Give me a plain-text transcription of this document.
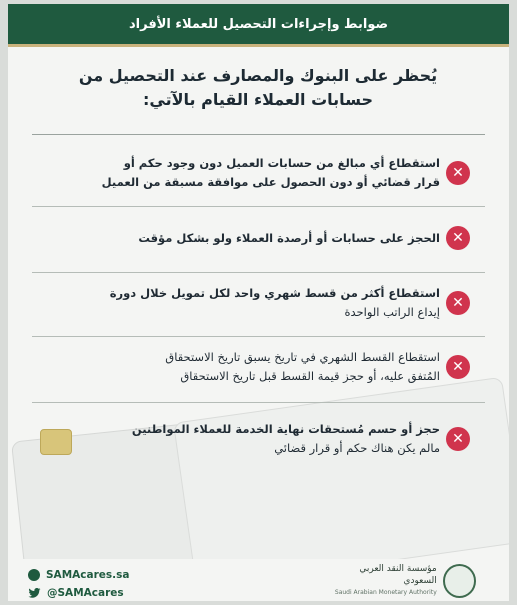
ضوابط وإجراءات التحصيل للعملاء الأفراد
يُحظر على البنوك والمصارف عند التحصيل من
حسابات العملاء القيام بالآتي:
✕
استقطاع أي مبالغ من حسابات العميل دون وجود حكم أو
قرار قضائي أو دون الحصول على موافقة مسبقة من العميل
✕
الحجز على حسابات أو أرصدة العملاء ولو بشكل مؤقت
✕
استقطاع أكثر من قسط شهري واحد لكل تمويل خلال دورة
إيداع الراتب الواحدة
✕
استقطاع القسط الشهري في تاريخ يسبق تاريخ الاستحقاق
المُتفق عليه، أو حجز قيمة القسط قبل تاريخ الاستحقاق
✕
حجز أو حسم مُستحقات نهاية الخدمة للعملاء المواطنين
مالم يكن هناك حكم أو قرار قضائي
SAMAcares.sa
@SAMAcares
مؤسسة النقد العربي السعودي
Saudi Arabian Monetary Authority
